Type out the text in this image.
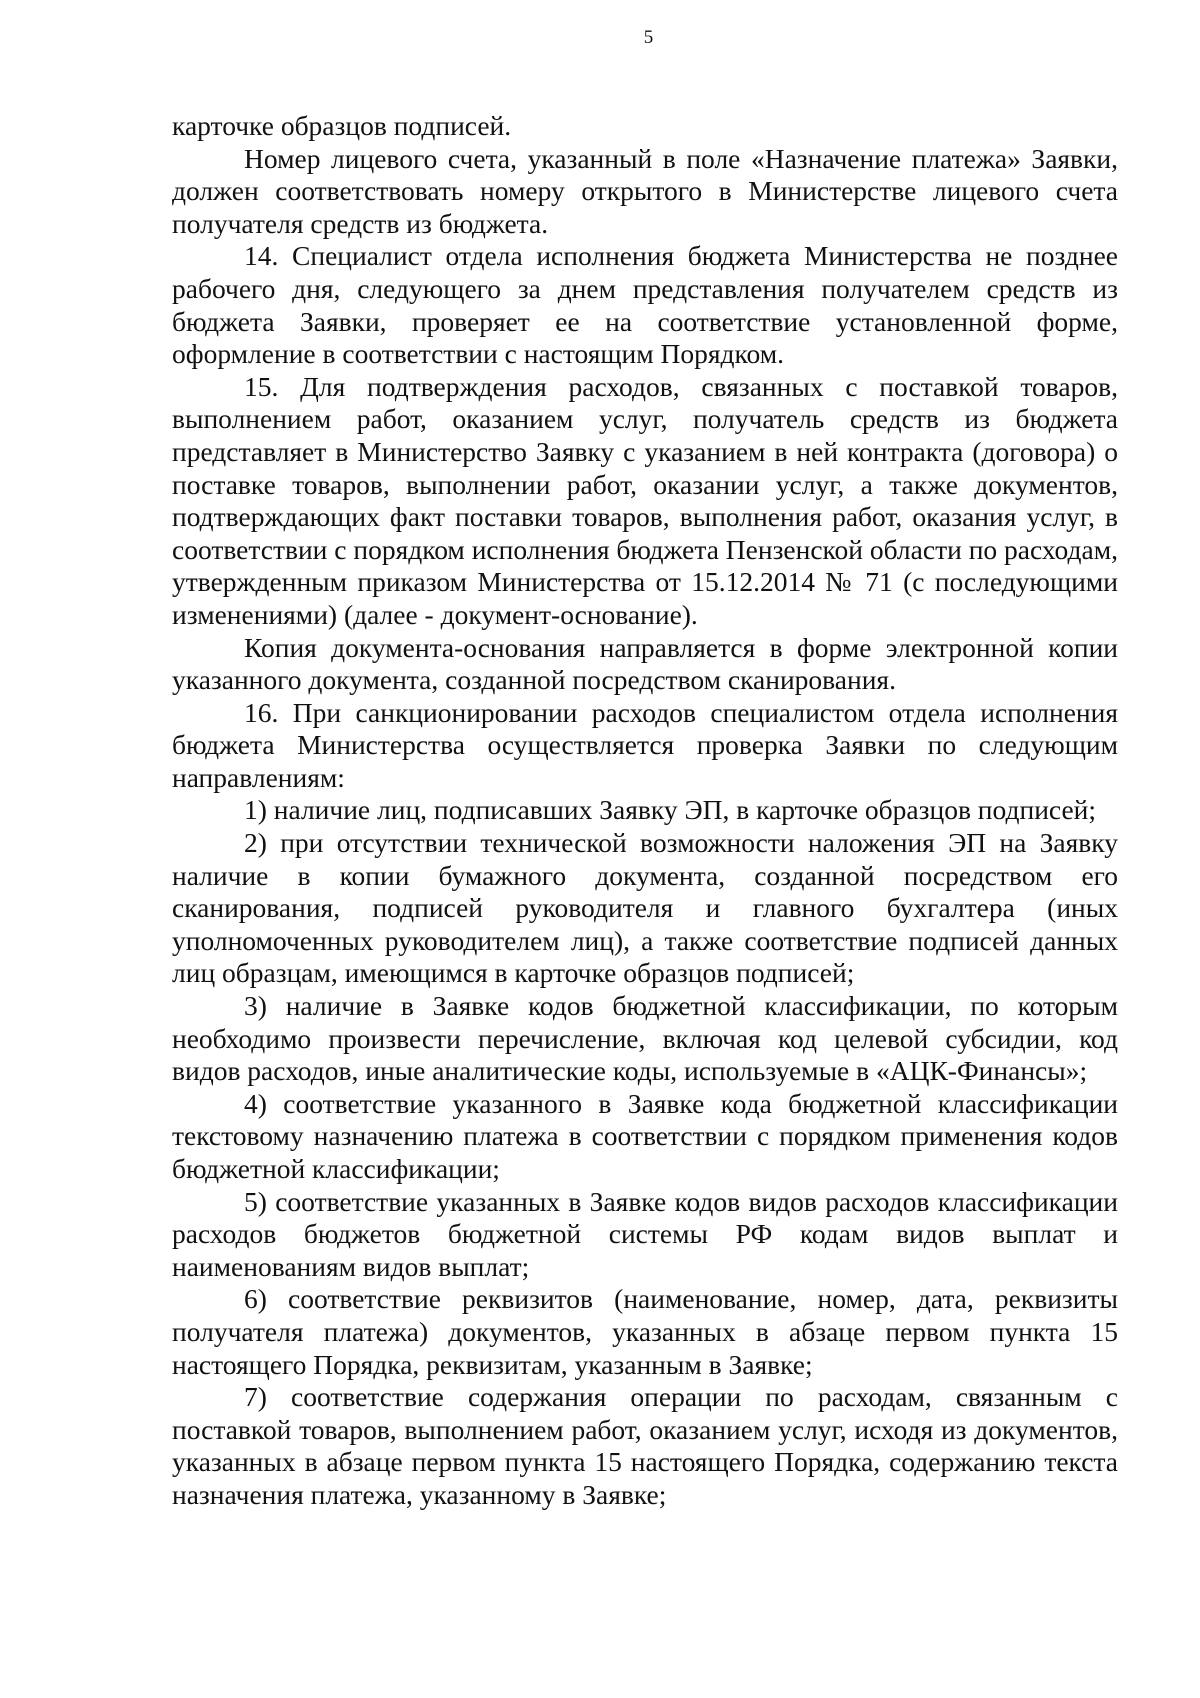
5

карточке образцов подписей.

Номер лицевого счета, указанный в поле «Назначение платежа» Заявки, должен соответствовать номеру открытого в Министерстве лицевого счета получателя средств из бюджета.

14. Специалист отдела исполнения бюджета Министерства не позднее рабочего дня, следующего за днем представления получателем средств из бюджета Заявки, проверяет ее на соответствие установленной форме, оформление в соответствии с настоящим Порядком.

15. Для подтверждения расходов, связанных с поставкой товаров, выполнением работ, оказанием услуг, получатель средств из бюджета представляет в Министерство Заявку с указанием в ней контракта (договора) о поставке товаров, выполнении работ, оказании услуг, а также документов, подтверждающих факт поставки товаров, выполнения работ, оказания услуг, в соответствии с порядком исполнения бюджета Пензенской области по расходам, утвержденным приказом Министерства от 15.12.2014 № 71 (с последующими изменениями) (далее - документ-основание).

Копия документа-основания направляется в форме электронной копии указанного документа, созданной посредством сканирования.

16. При санкционировании расходов специалистом отдела исполнения бюджета Министерства осуществляется проверка Заявки по следующим направлениям:

1) наличие лиц, подписавших Заявку ЭП, в карточке образцов подписей;

2) при отсутствии технической возможности наложения ЭП на Заявку наличие в копии бумажного документа, созданной посредством его сканирования, подписей руководителя и главного бухгалтера (иных уполномоченных руководителем лиц), а также соответствие подписей данных лиц образцам, имеющимся в карточке образцов подписей;

3) наличие в Заявке кодов бюджетной классификации, по которым необходимо произвести перечисление, включая код целевой субсидии, код видов расходов, иные аналитические коды, используемые в «АЦК-Финансы»;

4) соответствие указанного в Заявке кода бюджетной классификации текстовому назначению платежа в соответствии с порядком применения кодов бюджетной классификации;

5) соответствие указанных в Заявке кодов видов расходов классификации расходов бюджетов бюджетной системы РФ кодам видов выплат и наименованиям видов выплат;

6) соответствие реквизитов (наименование, номер, дата, реквизиты получателя платежа) документов, указанных в абзаце первом пункта 15 настоящего Порядка, реквизитам, указанным в Заявке;

7) соответствие содержания операции по расходам, связанным с поставкой товаров, выполнением работ, оказанием услуг, исходя из документов, указанных в абзаце первом пункта 15 настоящего Порядка, содержанию текста назначения платежа, указанному в Заявке;
